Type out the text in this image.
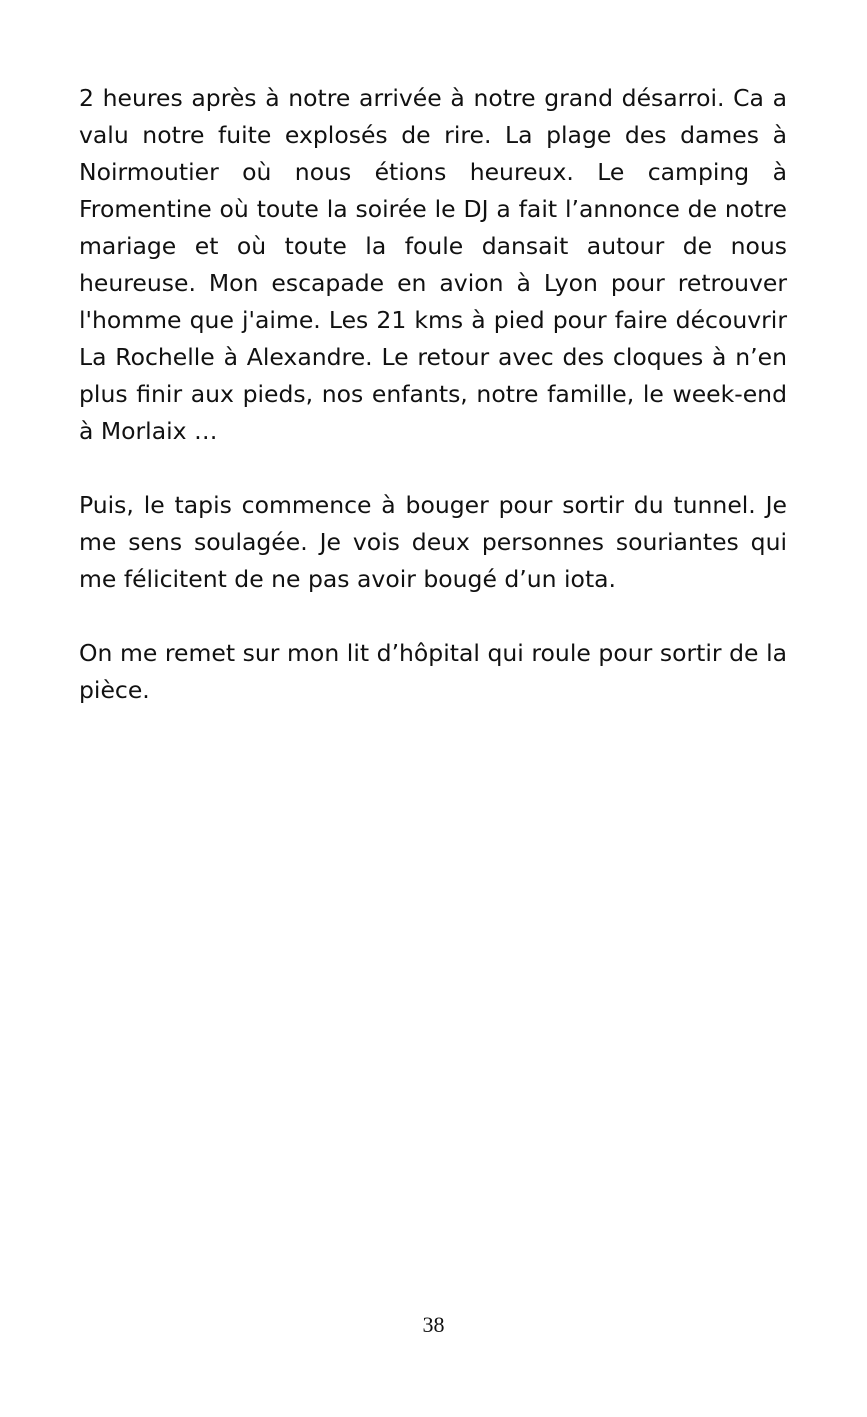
2 heures après à notre arrivée à notre grand désarroi. Ca a valu notre fuite explosés de rire. La plage des dames à Noirmoutier où nous étions heureux. Le camping à Fromentine où toute la soirée le DJ a fait l’annonce de notre mariage et où toute la foule dansait autour de nous heureuse. Mon escapade en avion à Lyon pour retrouver l'homme que j'aime. Les 21 kms à pied pour faire découvrir La Rochelle à Alexandre. Le retour avec des cloques à n’en plus finir aux pieds, nos enfants, notre famille, le week-end à Morlaix …

Puis, le tapis commence à bouger pour sortir du tunnel. Je me sens soulagée. Je vois deux personnes souriantes qui me félicitent de ne pas avoir bougé d’un iota.

On me remet sur mon lit d’hôpital qui roule pour sortir de la pièce.

38
